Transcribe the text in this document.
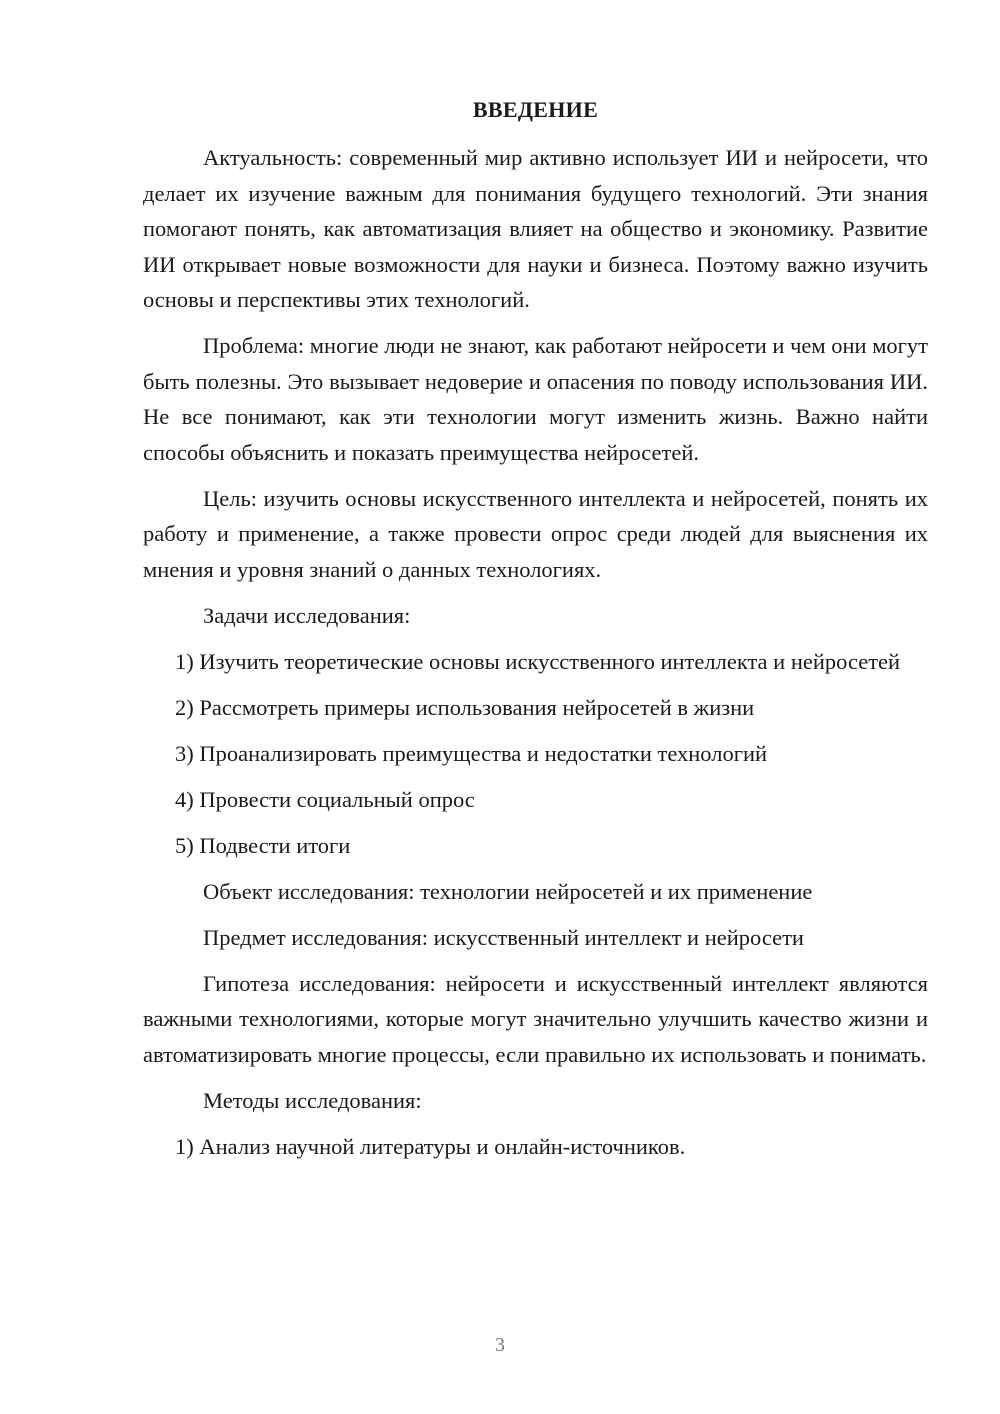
ВВЕДЕНИЕ

Актуальность: современный мир активно использует ИИ и нейросети, что делает их изучение важным для понимания будущего технологий. Эти знания помогают понять, как автоматизация влияет на общество и экономику. Развитие ИИ открывает новые возможности для науки и бизнеса. Поэтому важно изучить основы и перспективы этих технологий.

Проблема: многие люди не знают, как работают нейросети и чем они могут быть полезны. Это вызывает недоверие и опасения по поводу использования ИИ. Не все понимают, как эти технологии могут изменить жизнь. Важно найти способы объяснить и показать преимущества нейросетей.

Цель: изучить основы искусственного интеллекта и нейросетей, понять их работу и применение, а также провести опрос среди людей для выяснения их мнения и уровня знаний о данных технологиях.

Задачи исследования:

1) Изучить теоретические основы искусственного интеллекта и нейросетей

2) Рассмотреть примеры использования нейросетей в жизни

3) Проанализировать преимущества и недостатки технологий

4) Провести социальный опрос

5) Подвести итоги

Объект исследования: технологии нейросетей и их применение

Предмет исследования: искусственный интеллект и нейросети

Гипотеза исследования: нейросети и искусственный интеллект являются важными технологиями, которые могут значительно улучшить качество жизни и автоматизировать многие процессы, если правильно их использовать и понимать.

Методы исследования:

1) Анализ научной литературы и онлайн-источников.

3
